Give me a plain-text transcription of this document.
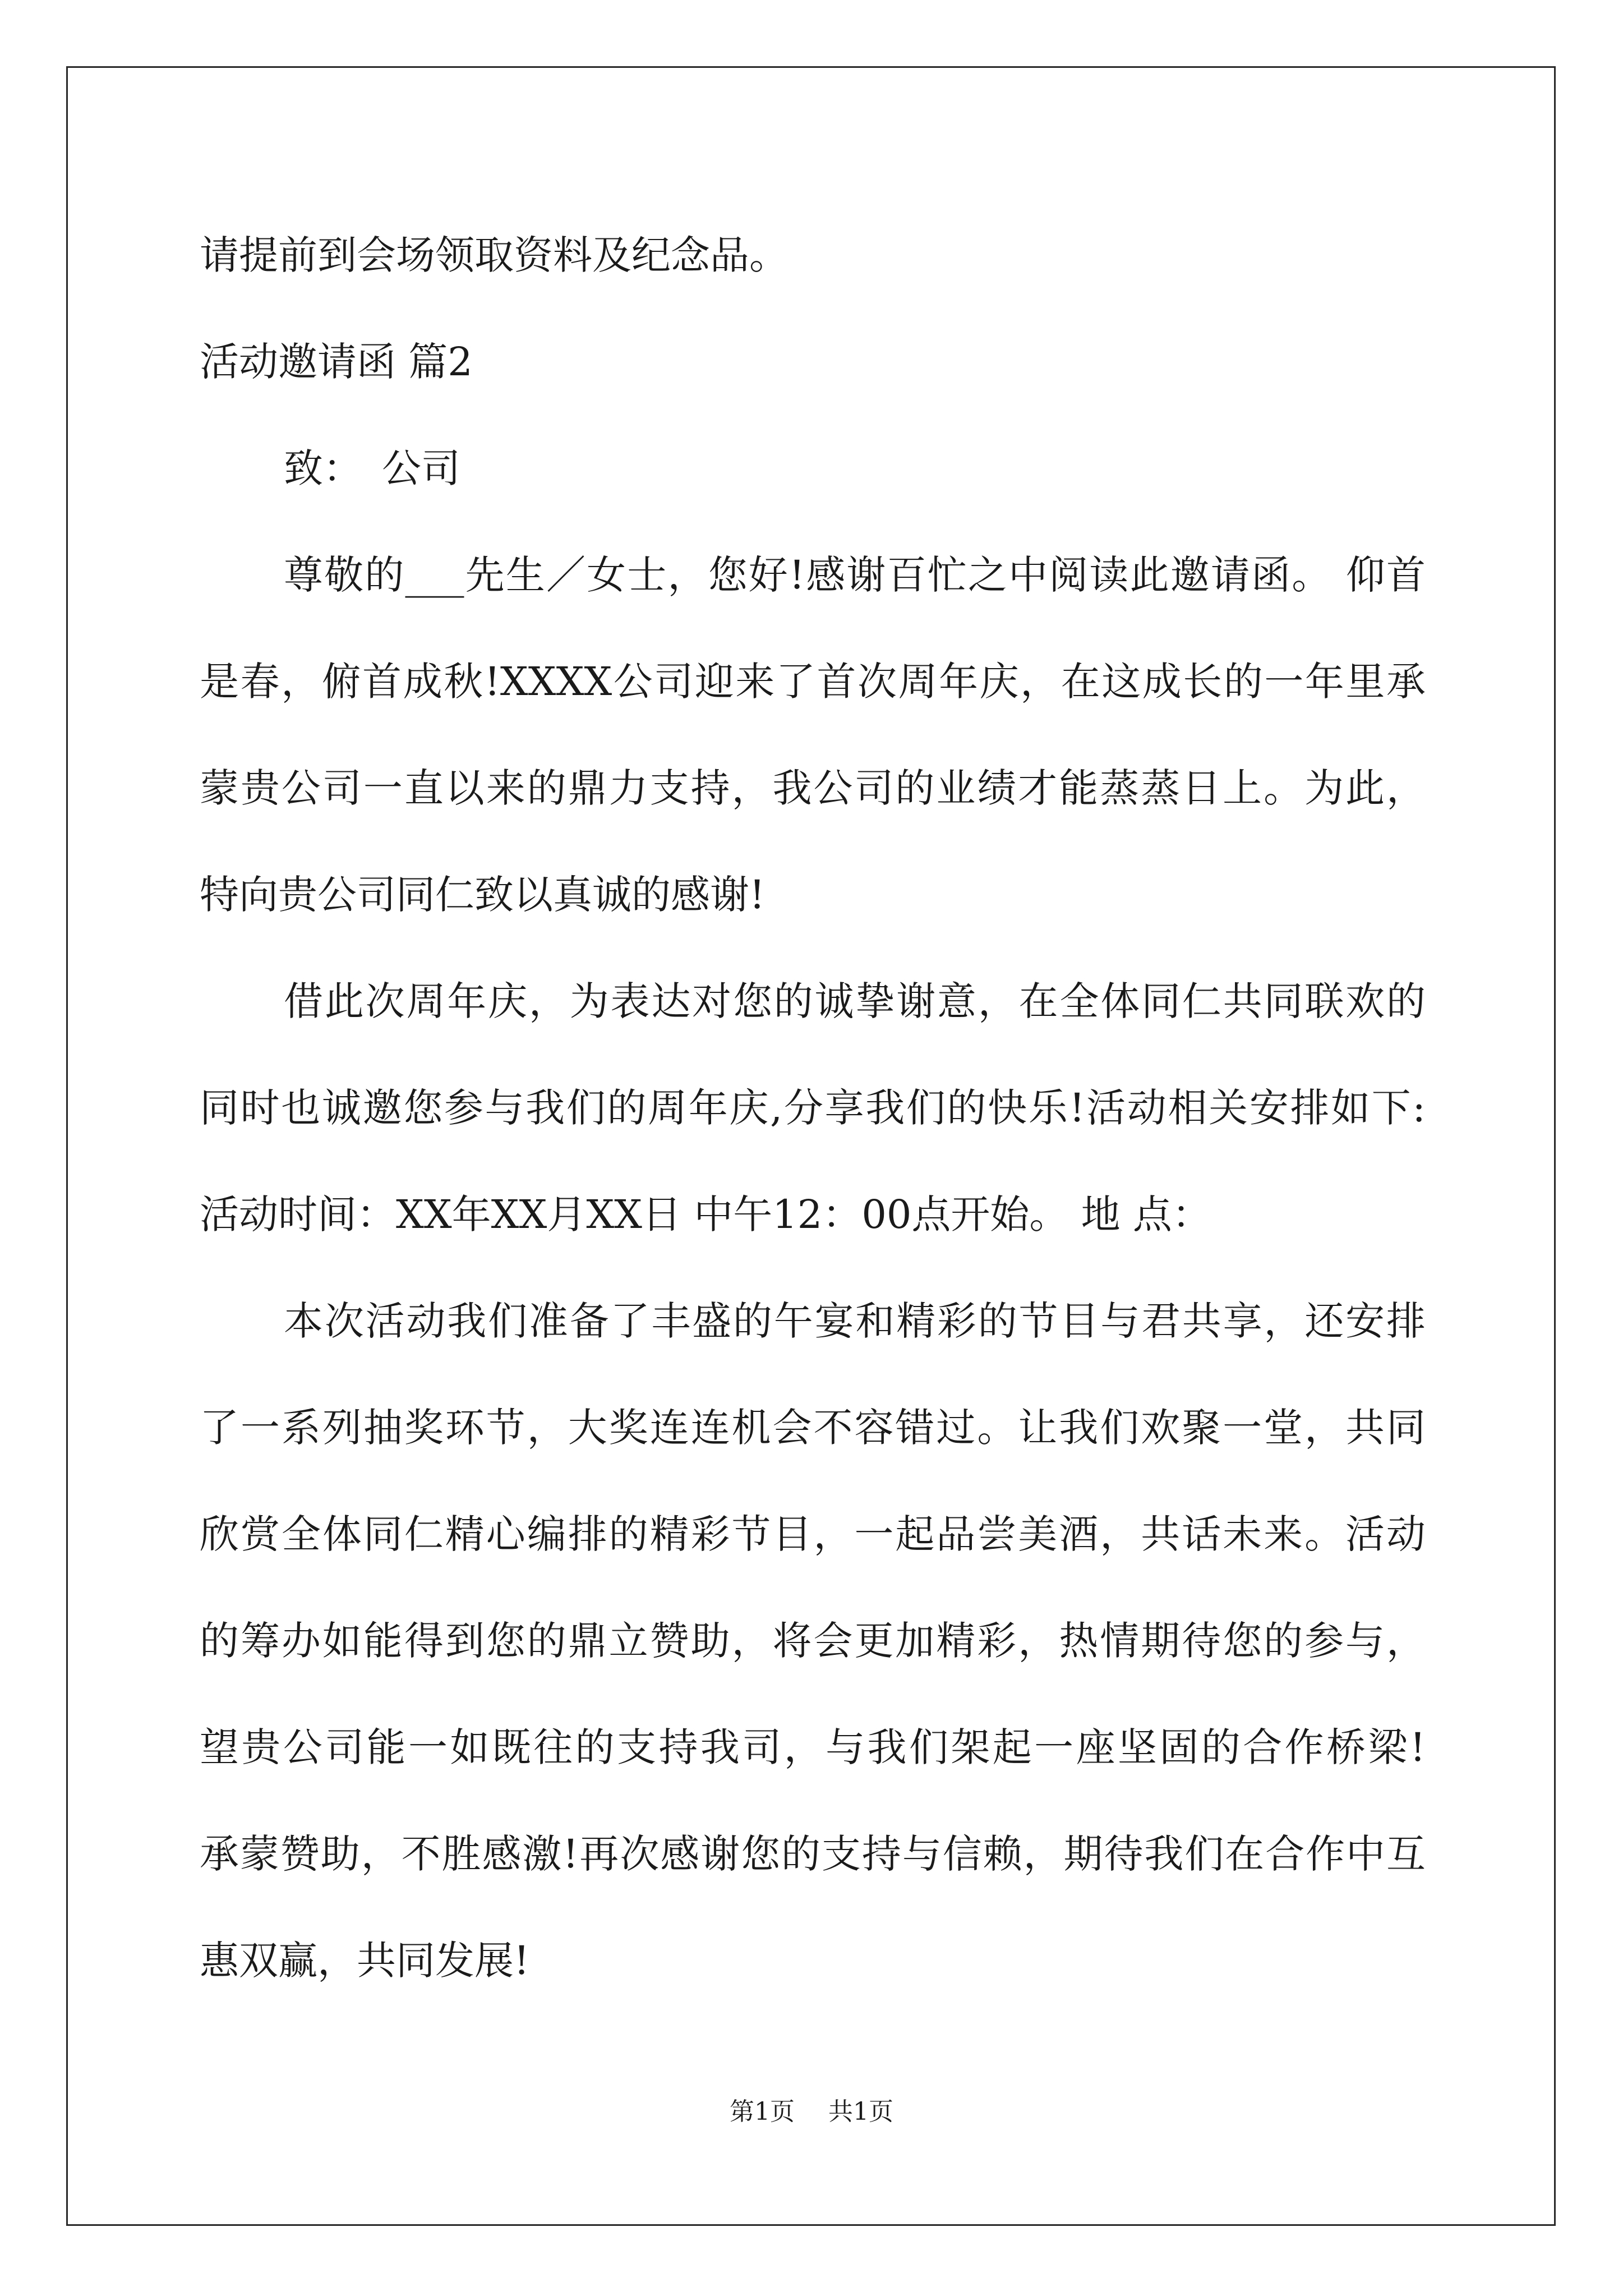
请提前到会场领取资料及纪念品。
活动邀请函 篇2
致：　公司
尊敬的___先生／女士，您好!感谢百忙之中阅读此邀请函。 仰首
是春，俯首成秋!XXXX公司迎来了首次周年庆，在这成长的一年里承
蒙贵公司一直以来的鼎力支持，我公司的业绩才能蒸蒸日上。为此，
特向贵公司同仁致以真诚的感谢!
借此次周年庆，为表达对您的诚挚谢意，在全体同仁共同联欢的
同时也诚邀您参与我们的周年庆,分享我们的快乐!活动相关安排如下:
活动时间：XX年XX月XX日 中午12：00点开始。 地 点：
本次活动我们准备了丰盛的午宴和精彩的节目与君共享，还安排
了一系列抽奖环节，大奖连连机会不容错过。让我们欢聚一堂，共同
欣赏全体同仁精心编排的精彩节目，一起品尝美酒，共话未来。活动
的筹办如能得到您的鼎立赞助，将会更加精彩，热情期待您的参与，
望贵公司能一如既往的支持我司，与我们架起一座坚固的合作桥梁!
承蒙赞助，不胜感激!再次感谢您的支持与信赖，期待我们在合作中互
惠双赢，共同发展!
第1页 共1页
